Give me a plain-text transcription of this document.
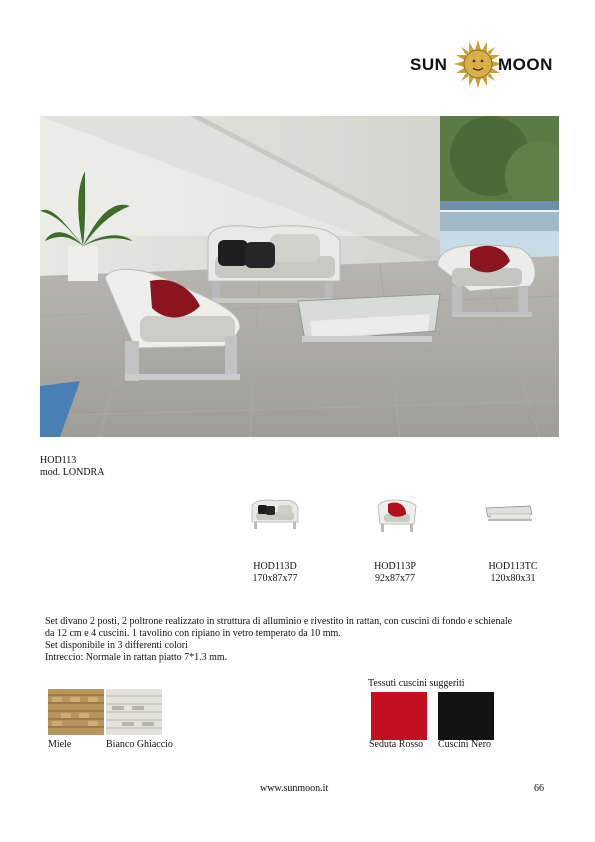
SUN	MOON
HOD113
mod. LONDRA
HOD113D
170x87x77
HOD113P
92x87x77
HOD113TC
120x80x31
Set divano 2 posti, 2 poltrone realizzato in struttura di alluminio e rivestito in rattan, con cuscini di fondo e schienale
da 12 cm e 4 cuscini. 1 tavolino con ripiano in vetro temperato da 10 mm.
Set disponibile in 3 differenti colori
Intreccio: Normale in rattan piatto 7*1.3 mm.
Miele	Bianco Ghiaccio
Tessuti cuscini suggeriti
Seduta Rosso Cuscini Nero
www.sunmoon.it	66
